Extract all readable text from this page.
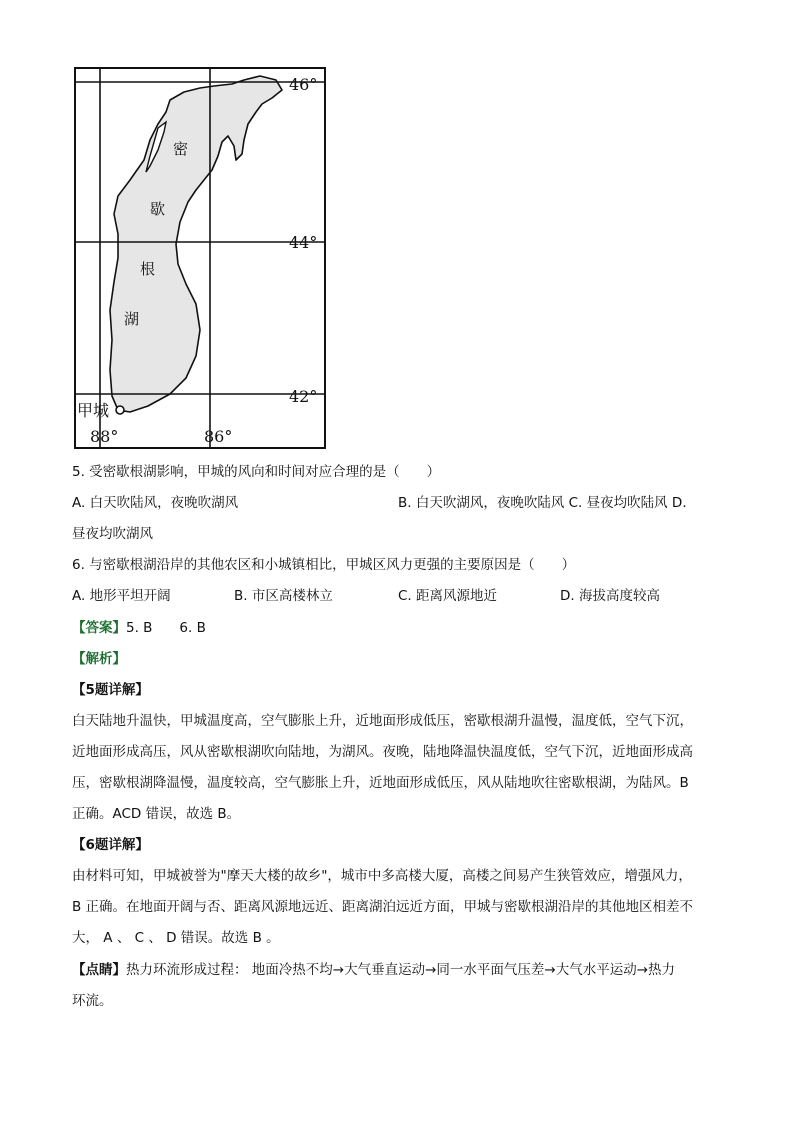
密
歇
根
湖
46°
44°
42°
88°	86°
甲城
5. 受密歇根湖影响，甲城的风向和时间对应合理的是（　　）
A. 白天吹陆风，夜晚吹湖风	B. 白天吹湖风，夜晚吹陆风 C. 昼夜均吹陆风 D.
昼夜均吹湖风
6. 与密歇根湖沿岸的其他农区和小城镇相比，甲城区风力更强的主要原因是（　　）
A. 地形平坦开阔	B. 市区高楼林立	C. 距离风源地近	D. 海拔高度较高
【答案】5. B　　6. B
【解析】
【5题详解】
白天陆地升温快，甲城温度高，空气膨胀上升，近地面形成低压，密歇根湖升温慢，温度低，空气下沉，
近地面形成高压，风从密歇根湖吹向陆地，为湖风。夜晚，陆地降温快温度低，空气下沉，近地面形成高
压，密歇根湖降温慢，温度较高，空气膨胀上升，近地面形成低压，风从陆地吹往密歇根湖，为陆风。B
正确。ACD 错误，故选 B。
【6题详解】
由材料可知，甲城被誉为"摩天大楼的故乡"，城市中多高楼大厦，高楼之间易产生狭管效应，增强风力，
B 正确。在地面开阔与否、距离风源地远近、距离湖泊远近方面，甲城与密歇根湖沿岸的其他地区相差不
大， A 、 C 、 D 错误。故选 B 。
【点睛】热力环流形成过程： 地面冷热不均→大气垂直运动→同一水平面气压差→大气水平运动→热力
环流。
